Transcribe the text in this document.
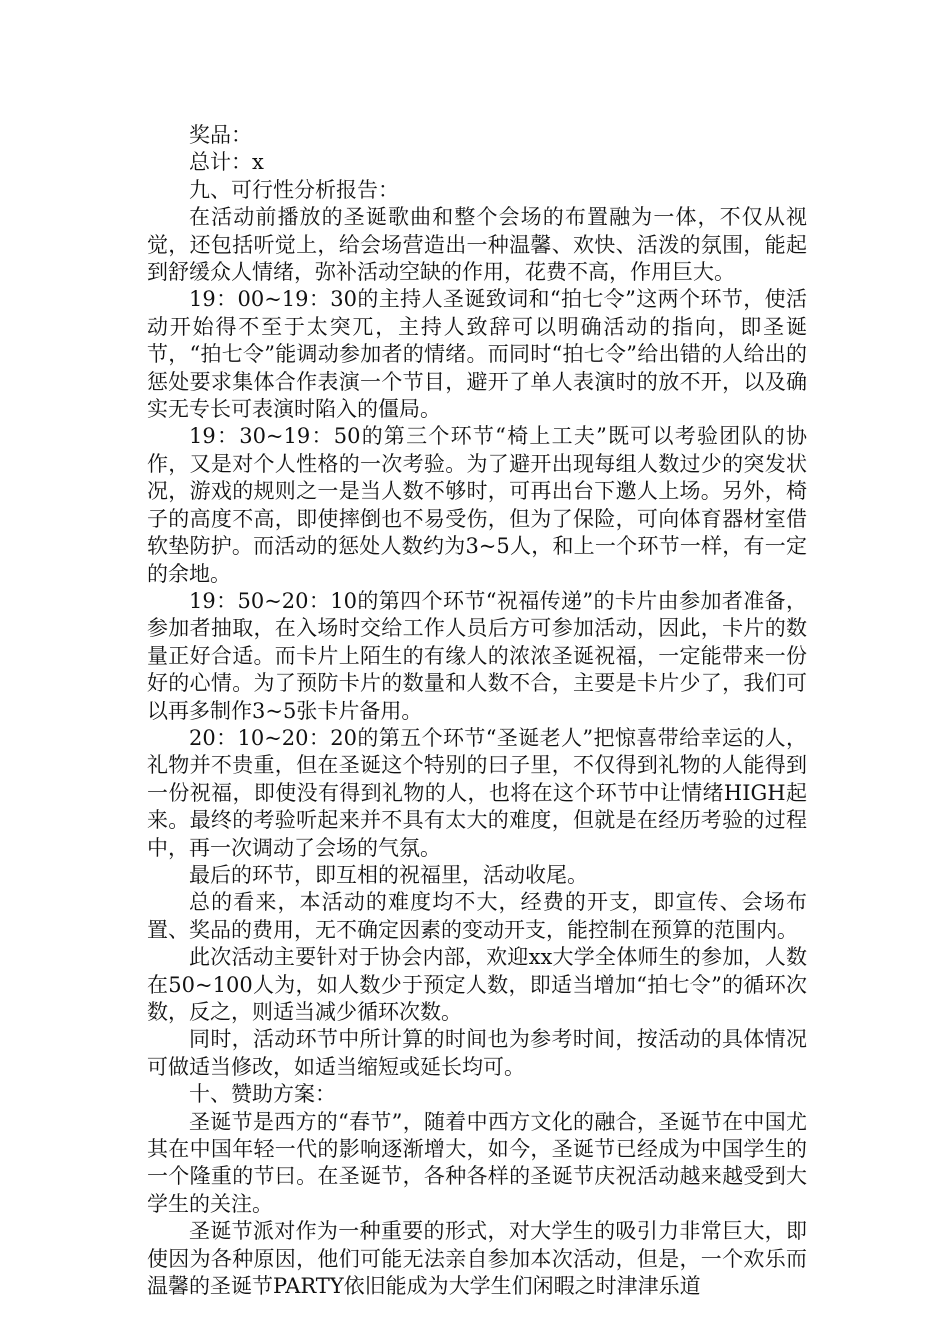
奖品：

总计：x

九、可行性分析报告：

在活动前播放的圣诞歌曲和整个会场的布置融为一体，不仅从视觉，还包括听觉上，给会场营造出一种温馨、欢快、活泼的氛围，能起到舒缓众人情绪，弥补活动空缺的作用，花费不高，作用巨大。

19：00~19：30的主持人圣诞致词和“拍七令”这两个环节，使活动开始得不至于太突兀，主持人致辞可以明确活动的指向，即圣诞节，“拍七令”能调动参加者的情绪。而同时“拍七令”给出错的人给出的惩处要求集体合作表演一个节目，避开了单人表演时的放不开，以及确实无专长可表演时陷入的僵局。

19：30~19：50的第三个环节“椅上工夫”既可以考验团队的协作，又是对个人性格的一次考验。为了避开出现每组人数过少的突发状况，游戏的规则之一是当人数不够时，可再出台下邀人上场。另外，椅子的高度不高，即使摔倒也不易受伤，但为了保险，可向体育器材室借软垫防护。而活动的惩处人数约为3~5人，和上一个环节一样，有一定的余地。

19：50~20：10的第四个环节“祝福传递”的卡片由参加者准备，参加者抽取，在入场时交给工作人员后方可参加活动，因此，卡片的数量正好合适。而卡片上陌生的有缘人的浓浓圣诞祝福，一定能带来一份好的心情。为了预防卡片的数量和人数不合，主要是卡片少了，我们可以再多制作3~5张卡片备用。

20：10~20：20的第五个环节“圣诞老人”把惊喜带给幸运的人，礼物并不贵重，但在圣诞这个特别的曰子里，不仅得到礼物的人能得到一份祝福，即使没有得到礼物的人，也将在这个环节中让情绪HIGH起来。最终的考验听起来并不具有太大的难度，但就是在经历考验的过程中，再一次调动了会场的气氛。

最后的环节，即互相的祝福里，活动收尾。

总的看来，本活动的难度均不大，经费的开支，即宣传、会场布置、奖品的费用，无不确定因素的变动开支，能控制在预算的范围内。

此次活动主要针对于协会内部，欢迎xx大学全体师生的参加，人数在50~100人为，如人数少于预定人数，即适当增加“拍七令”的循环次数，反之，则适当减少循环次数。

同时，活动环节中所计算的时间也为参考时间，按活动的具体情况可做适当修改，如适当缩短或延长均可。

十、赞助方案：

圣诞节是西方的“春节”，随着中西方文化的融合，圣诞节在中国尤其在中国年轻一代的影响逐渐增大，如今，圣诞节已经成为中国学生的一个隆重的节曰。在圣诞节，各种各样的圣诞节庆祝活动越来越受到大学生的关注。

圣诞节派对作为一种重要的形式，对大学生的吸引力非常巨大，即使因为各种原因，他们可能无法亲自参加本次活动，但是，一个欢乐而温馨的圣诞节PARTY依旧能成为大学生们闲暇之时津津乐道
